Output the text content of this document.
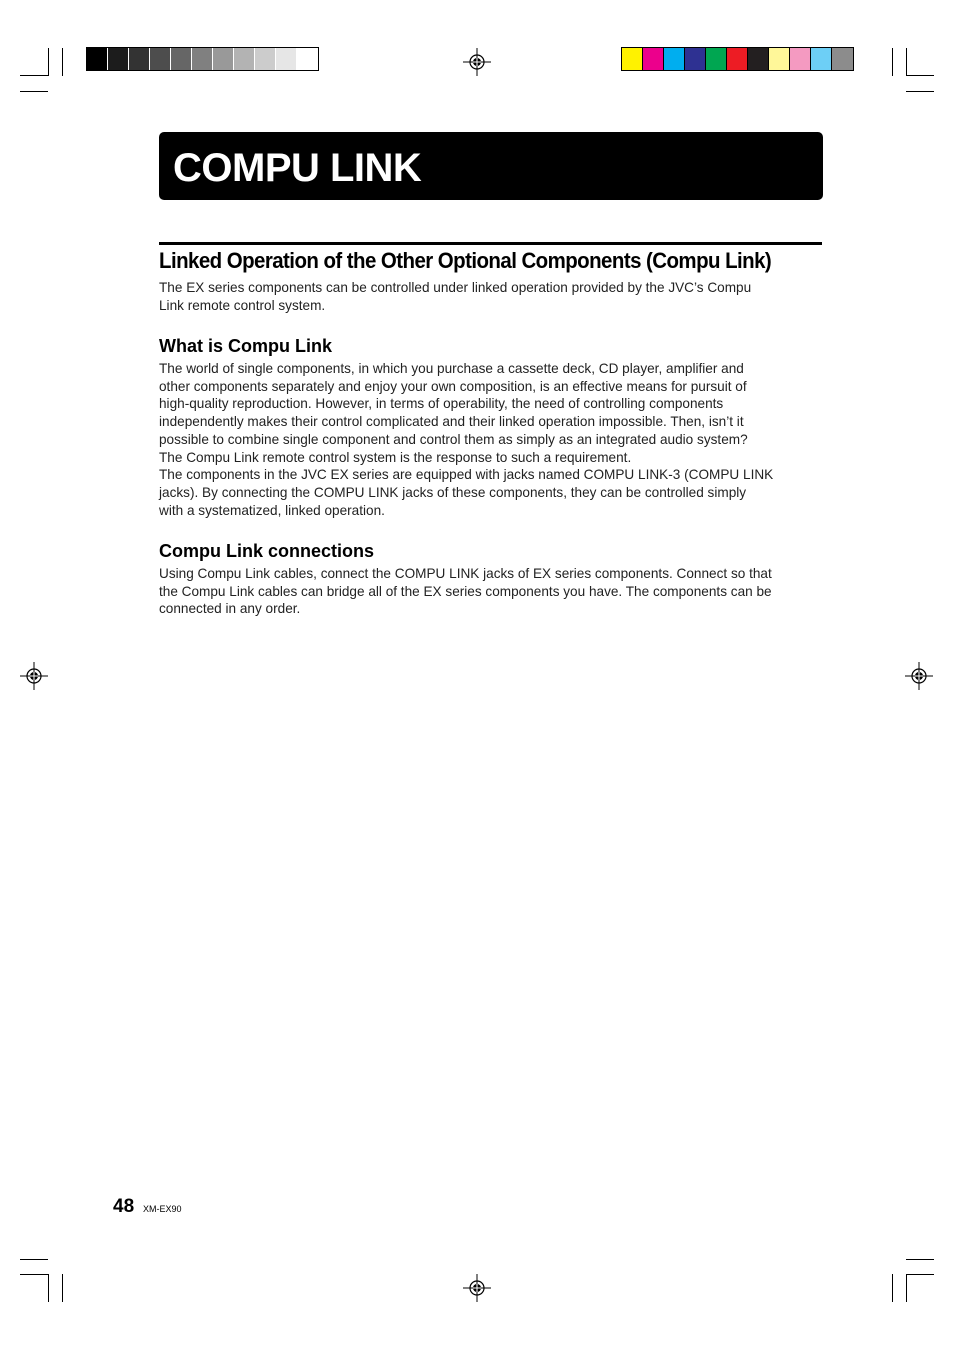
COMPU LINK
Linked Operation of the Other Optional Components (Compu Link)

The EX series components can be controlled under linked operation provided by the JVC’s Compu
Link remote control system.

What is Compu Link

The world of single components, in which you purchase a cassette deck, CD player, amplifier and
other components separately and enjoy your own composition, is an effective means for pursuit of
high-quality reproduction. However, in terms of operability, the need of controlling components
independently makes their control complicated and their linked operation impossible. Then, isn’t it
possible to combine single component and control them as simply as an integrated audio system?
The Compu Link remote control system is the response to such a requirement.
The components in the JVC EX series are equipped with jacks named COMPU LINK-3 (COMPU LINK
jacks). By connecting the COMPU LINK jacks of these components, they can be controlled simply
with a systematized, linked operation.

Compu Link connections

Using Compu Link cables, connect the COMPU LINK jacks of EX series components. Connect so that
the Compu Link cables can bridge all of the EX series components you have. The components can be
connected in any order.

48 XM-EX90
